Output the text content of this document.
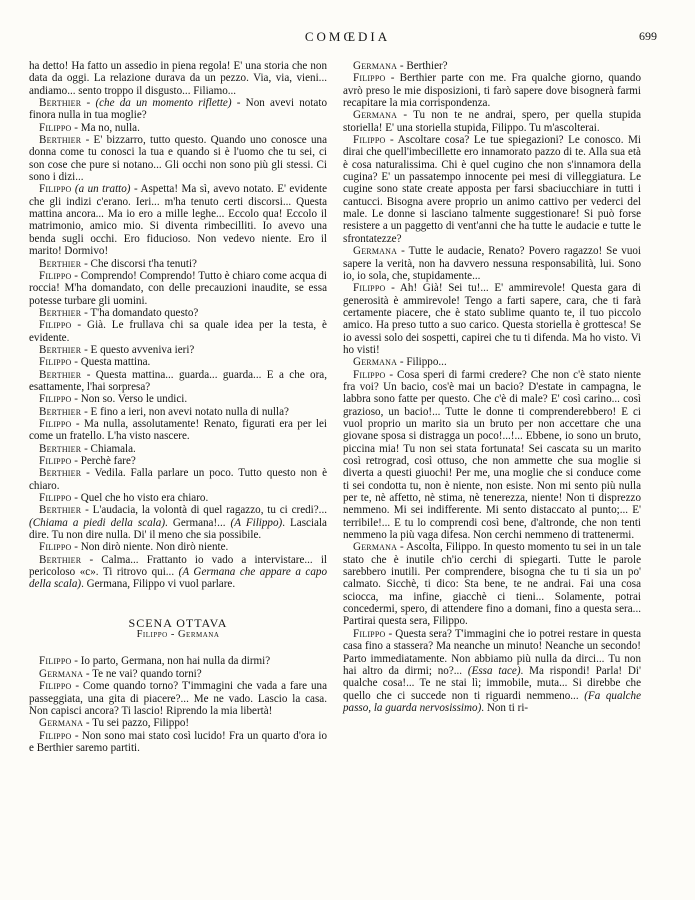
COMŒDIA	699

ha detto! Ha fatto un assedio in piena regola! E' una storia che non data da oggi. La relazione durava da un pezzo. Via, via, vieni... andiamo... sento troppo il disgusto... Filiamo...

Berthier - (che da un momento riflette) - Non avevi notato finora nulla in tua moglie?

Filippo - Ma no, nulla.

Berthier - E' bizzarro, tutto questo. Quando uno conosce una donna come tu conosci la tua e quando si è l'uomo che tu sei, ci son cose che pure si notano... Gli occhi non sono più gli stessi. Ci sono i dizi...

Filippo (a un tratto) - Aspetta! Ma sì, avevo notato. E' evidente che gli indizi c'erano. Ieri... m'ha tenuto certi discorsi... Questa mattina ancora... Ma io ero a mille leghe... Eccolo qua! Eccolo il matrimonio, amico mio. Si diventa rimbecilliti. Io avevo una benda sugli occhi. Ero fiducioso. Non vedevo niente. Ero il marito! Dormivo!

Berthier - Che discorsi t'ha tenuti?

Filippo - Comprendo! Comprendo! Tutto è chiaro come acqua di roccia! M'ha domandato, con delle precauzioni inaudite, se essa potesse turbare gli uomini.

Berthier - T'ha domandato questo?

Filippo - Già. Le frullava chi sa quale idea per la testa, è evidente.

Berthier - E questo avveniva ieri?

Filippo - Questa mattina.

Berthier - Questa mattina... guarda... guarda... E a che ora, esattamente, l'hai sorpresa?

Filippo - Non so. Verso le undici.

Berthier - E fino a ieri, non avevi notato nulla di nulla?

Filippo - Ma nulla, assolutamente! Renato, figurati era per lei come un fratello. L'ha visto nascere.

Berthier - Chiamala.

Filippo - Perchè fare?

Berthier - Vedila. Falla parlare un poco. Tutto questo non è chiaro.

Filippo - Quel che ho visto era chiaro.

Berthier - L'audacia, la volontà di quel ragazzo, tu ci credi?... (Chiama a piedi della scala). Germana!... (A Filippo). Lasciala dire. Tu non dire nulla. Di' il meno che sia possibile.

Filippo - Non dirò niente. Non dirò niente.

Berthier - Calma... Frattanto io vado a intervistare... il pericoloso «c». Ti ritrovo qui... (A Germana che appare a capo della scala). Germana, Filippo vi vuol parlare.

SCENA OTTAVA

Filippo - Germana

Filippo - Io parto, Germana, non hai nulla da dirmi?

Germana - Te ne vai? quando torni?

Filippo - Come quando torno? T'immagini che vada a fare una passeggiata, una gita di piacere?... Me ne vado. Lascio la casa. Non capisci ancora? Ti lascio! Riprendo la mia libertà!

Germana - Tu sei pazzo, Filippo!

Filippo - Non sono mai stato così lucido! Fra un quarto d'ora io e Berthier saremo partiti.

Germana - Berthier?

Filippo - Berthier parte con me. Fra qualche giorno, quando avrò preso le mie disposizioni, ti farò sapere dove bisognerà farmi recapitare la mia corrispondenza.

Germana - Tu non te ne andrai, spero, per quella stupida storiella! E' una storiella stupida, Filippo. Tu m'ascolterai.

Filippo - Ascoltare cosa? Le tue spiegazioni? Le conosco. Mi dirai che quell'imbecillette ero innamorato pazzo di te. Alla sua età è cosa naturalissima. Chi è quel cugino che non s'innamora della cugina? E' un passatempo innocente pei mesi di villeggiatura. Le cugine sono state create apposta per farsi sbaciucchiare in tutti i cantucci. Bisogna avere proprio un animo cattivo per vederci del male. Le donne si lasciano talmente suggestionare! Si può forse resistere a un paggetto di vent'anni che ha tutte le audacie e tutte le sfrontatezze?

Germana - Tutte le audacie, Renato? Povero ragazzo! Se vuoi sapere la verità, non ha davvero nessuna responsabilità, lui. Sono io, io sola, che, stupidamente...

Filippo - Ah! Già! Sei tu!... E' ammirevole! Questa gara di generosità è ammirevole! Tengo a farti sapere, cara, che ti farà certamente piacere, che è stato sublime quanto te, il tuo piccolo amico. Ha preso tutto a suo carico. Questa storiella è grottesca! Se io avessi solo dei sospetti, capirei che tu ti difenda. Ma ho visto. Vi ho visti!

Germana - Filippo...

Filippo - Cosa speri di farmi credere? Che non c'è stato niente fra voi? Un bacio, cos'è mai un bacio? D'estate in campagna, le labbra sono fatte per questo. Che c'è di male? E' così carino... così grazioso, un bacio!... Tutte le donne ti comprenderebbero! E ci vuol proprio un marito sia un bruto per non accettare che una giovane sposa si distragga un poco!...!... Ebbene, io sono un bruto, piccina mia! Tu non sei stata fortunata! Sei cascata su un marito così retrograd, così ottuso, che non ammette che sua moglie si diverta a questi giuochi! Per me, una moglie che si conduce come ti sei condotta tu, non è niente, non esiste. Non mi sento più nulla per te, nè affetto, nè stima, nè tenerezza, niente! Non ti disprezzo nemmeno. Mi sei indifferente. Mi sento distaccato al punto;... E' terribile!... E tu lo comprendi così bene, d'altronde, che non tenti nemmeno la più vaga difesa. Non cerchi nemmeno di trattenermi.

Germana - Ascolta, Filippo. In questo momento tu sei in un tale stato che è inutile ch'io cerchi di spiegarti. Tutte le parole sarebbero inutili. Per comprendere, bisogna che tu ti sia un po' calmato. Sicchè, ti dico: Sta bene, te ne andrai. Fai una cosa sciocca, ma infine, giacchè ci tieni... Solamente, potrai concedermi, spero, di attendere fino a domani, fino a questa sera... Partirai questa sera, Filippo.

Filippo - Questa sera? T'immagini che io potrei restare in questa casa fino a stassera? Ma neanche un minuto! Neanche un secondo! Parto immediatamente. Non abbiamo più nulla da dirci... Tu non hai altro da dirmi; no?... (Essa tace). Ma rispondi! Parla! Di' qualche cosa!... Te ne stai lì; immobile, muta... Si direbbe che quello che ci succede non ti riguardi nemmeno... (Fa qualche passo, la guarda nervosissimo). Non ti ri-
